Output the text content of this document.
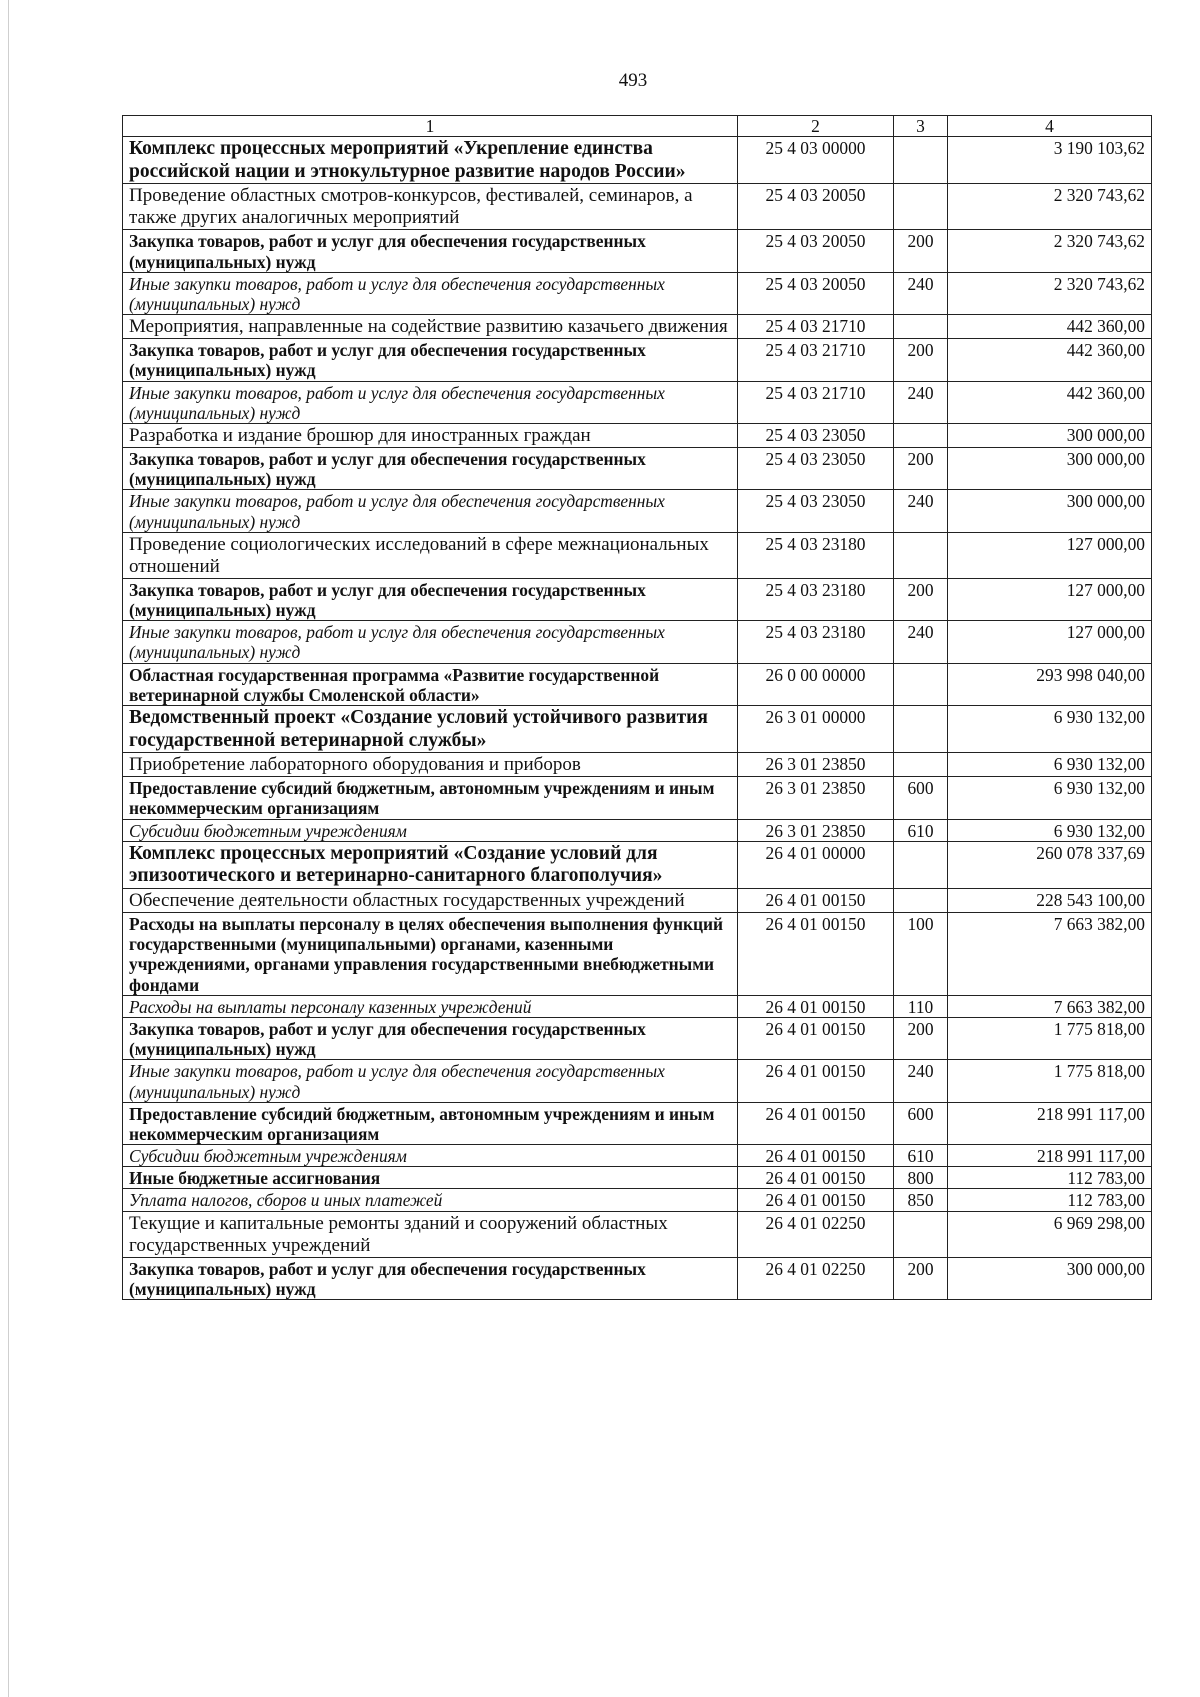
493
1	2	3	4
Комплекс процессных мероприятий «Укрепление единства российской нации и этнокультурное развитие народов России»	25 4 03 00000		3 190 103,62
Проведение областных смотров-конкурсов, фестивалей, семинаров, а также других аналогичных мероприятий	25 4 03 20050		2 320 743,62
Закупка товаров, работ и услуг для обеспечения государственных (муниципальных) нужд	25 4 03 20050	200	2 320 743,62
Иные закупки товаров, работ и услуг для обеспечения государственных (муниципальных) нужд	25 4 03 20050	240	2 320 743,62
Мероприятия, направленные на содействие развитию казачьего движения	25 4 03 21710		442 360,00
Закупка товаров, работ и услуг для обеспечения государственных (муниципальных) нужд	25 4 03 21710	200	442 360,00
Иные закупки товаров, работ и услуг для обеспечения государственных (муниципальных) нужд	25 4 03 21710	240	442 360,00
Разработка и издание брошюр для иностранных граждан	25 4 03 23050		300 000,00
Закупка товаров, работ и услуг для обеспечения государственных (муниципальных) нужд	25 4 03 23050	200	300 000,00
Иные закупки товаров, работ и услуг для обеспечения государственных (муниципальных) нужд	25 4 03 23050	240	300 000,00
Проведение социологических исследований в сфере межнациональных отношений	25 4 03 23180		127 000,00
Закупка товаров, работ и услуг для обеспечения государственных (муниципальных) нужд	25 4 03 23180	200	127 000,00
Иные закупки товаров, работ и услуг для обеспечения государственных (муниципальных) нужд	25 4 03 23180	240	127 000,00
Областная государственная программа «Развитие государственной ветеринарной службы Смоленской области»	26 0 00 00000		293 998 040,00
Ведомственный проект «Создание условий устойчивого развития государственной ветеринарной службы»	26 3 01 00000		6 930 132,00
Приобретение лабораторного оборудования и приборов	26 3 01 23850		6 930 132,00
Предоставление субсидий бюджетным, автономным учреждениям и иным некоммерческим организациям	26 3 01 23850	600	6 930 132,00
Субсидии бюджетным учреждениям	26 3 01 23850	610	6 930 132,00
Комплекс процессных мероприятий «Создание условий для эпизоотического и ветеринарно-санитарного благополучия»	26 4 01 00000		260 078 337,69
Обеспечение деятельности областных государственных учреждений	26 4 01 00150		228 543 100,00
Расходы на выплаты персоналу в целях обеспечения выполнения функций государственными (муниципальными) органами, казенными учреждениями, органами управления государственными внебюджетными фондами	26 4 01 00150	100	7 663 382,00
Расходы на выплаты персоналу казенных учреждений	26 4 01 00150	110	7 663 382,00
Закупка товаров, работ и услуг для обеспечения государственных (муниципальных) нужд	26 4 01 00150	200	1 775 818,00
Иные закупки товаров, работ и услуг для обеспечения государственных (муниципальных) нужд	26 4 01 00150	240	1 775 818,00
Предоставление субсидий бюджетным, автономным учреждениям и иным некоммерческим организациям	26 4 01 00150	600	218 991 117,00
Субсидии бюджетным учреждениям	26 4 01 00150	610	218 991 117,00
Иные бюджетные ассигнования	26 4 01 00150	800	112 783,00
Уплата налогов, сборов и иных платежей	26 4 01 00150	850	112 783,00
Текущие и капитальные ремонты зданий и сооружений областных государственных учреждений	26 4 01 02250		6 969 298,00
Закупка товаров, работ и услуг для обеспечения государственных (муниципальных) нужд	26 4 01 02250	200	300 000,00
